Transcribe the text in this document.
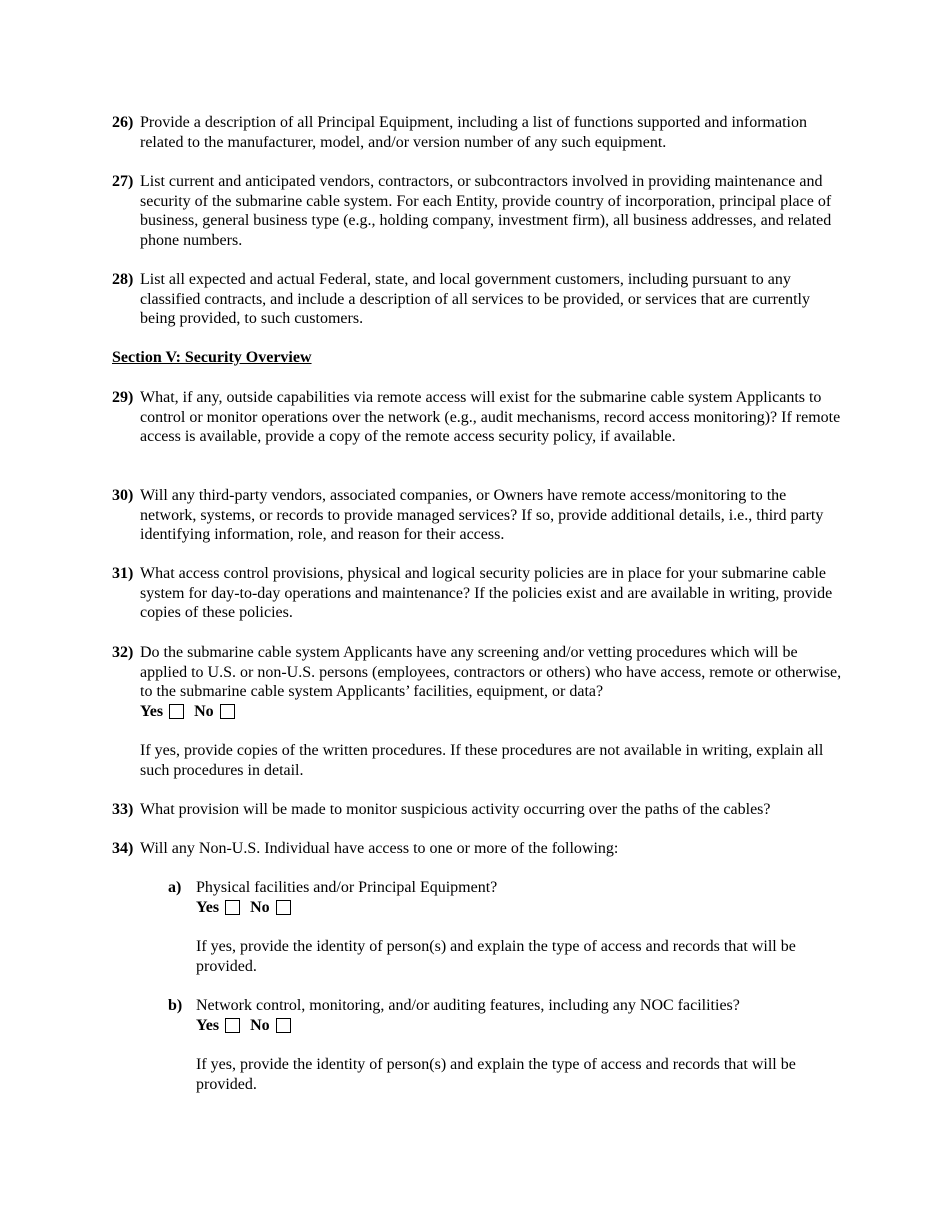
26) Provide a description of all Principal Equipment, including a list of functions supported and information related to the manufacturer, model, and/or version number of any such equipment.
27) List current and anticipated vendors, contractors, or subcontractors involved in providing maintenance and security of the submarine cable system. For each Entity, provide country of incorporation, principal place of business, general business type (e.g., holding company, investment firm), all business addresses, and related phone numbers.
28) List all expected and actual Federal, state, and local government customers, including pursuant to any classified contracts, and include a description of all services to be provided, or services that are currently being provided, to such customers.
Section V: Security Overview
29) What, if any, outside capabilities via remote access will exist for the submarine cable system Applicants to control or monitor operations over the network (e.g., audit mechanisms, record access monitoring)? If remote access is available, provide a copy of the remote access security policy, if available.
30) Will any third-party vendors, associated companies, or Owners have remote access/monitoring to the network, systems, or records to provide managed services? If so, provide additional details, i.e., third party identifying information, role, and reason for their access.
31) What access control provisions, physical and logical security policies are in place for your submarine cable system for day-to-day operations and maintenance? If the policies exist and are available in writing, provide copies of these policies.
32) Do the submarine cable system Applicants have any screening and/or vetting procedures which will be applied to U.S. or non-U.S. persons (employees, contractors or others) who have access, remote or otherwise, to the submarine cable system Applicants’ facilities, equipment, or data?
Yes No
If yes, provide copies of the written procedures. If these procedures are not available in writing, explain all such procedures in detail.
33) What provision will be made to monitor suspicious activity occurring over the paths of the cables?
34) Will any Non-U.S. Individual have access to one or more of the following:
a) Physical facilities and/or Principal Equipment?
Yes No
If yes, provide the identity of person(s) and explain the type of access and records that will be provided.
b) Network control, monitoring, and/or auditing features, including any NOC facilities?
Yes No
If yes, provide the identity of person(s) and explain the type of access and records that will be provided.
